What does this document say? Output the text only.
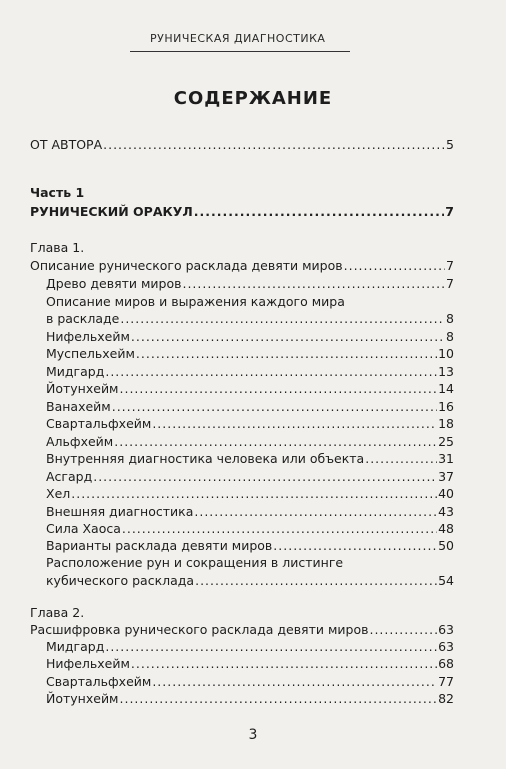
РУНИЧЕСКАЯ ДИАГНОСТИКА
СОДЕРЖАНИЕ
ОТ АВТОРА .....	5
Часть 1
РУНИЧЕСКИЙ ОРАКУЛ .....	7
Глава 1.
Описание рунического расклада девяти миров .....	7
Древо девяти миров .....	7
Описание миров и выражения каждого мира
в раскладе .....	8
Нифельхейм .....	8
Муспельхейм .....	10
Мидгард .....	13
Йотунхейм .....	14
Ванахейм .....	16
Свартальфхейм .....	18
Альфхейм .....	25
Внутренняя диагностика человека или объекта .....	31
Асгард .....	37
Хел .....	40
Внешняя диагностика .....	43
Сила Хаоса .....	48
Варианты расклада девяти миров .....	50
Расположение рун и сокращения в листинге
кубического расклада .....	54
Глава 2.
Расшифровка рунического расклада девяти миров .....	63
Мидгард .....	63
Нифельхейм .....	68
Свартальфхейм .....	77
Йотунхейм .....	82
3
